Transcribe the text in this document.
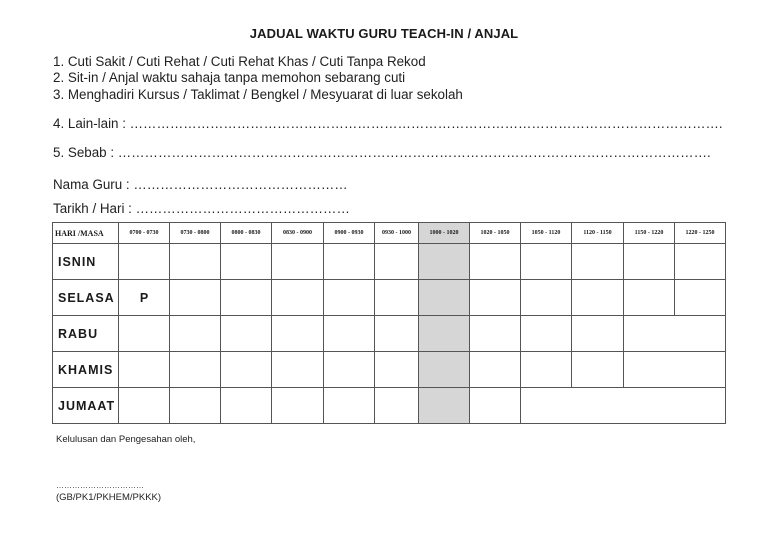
JADUAL WAKTU GURU TEACH-IN / ANJAL
1. Cuti Sakit / Cuti Rehat / Cuti Rehat Khas / Cuti Tanpa Rekod
2. Sit-in / Anjal waktu sahaja tanpa memohon sebarang cuti
3. Menghadiri Kursus / Taklimat / Bengkel / Mesyuarat di luar sekolah
4. Lain-lain : …………………………………………………………………………………………………………………….
5. Sebab : …………………………………………………………………………………………………………………….
Nama Guru : …………………………………………
Tarikh / Hari : …………………………………………
HARI /MASA	0700 - 0730	0730 - 0800	0800 - 0830	0830 - 0900	0900 - 0930	0930 - 1000	1000 - 1020	1020 - 1050	1050 - 1120	1120 - 1150	1150 - 1220	1220 - 1250
ISNIN												
SELASA	P											
RABU												
KHAMIS												
JUMAAT												
Kelulusan dan Pengesahan oleh,
……………………………
(GB/PK1/PKHEM/PKKK)
